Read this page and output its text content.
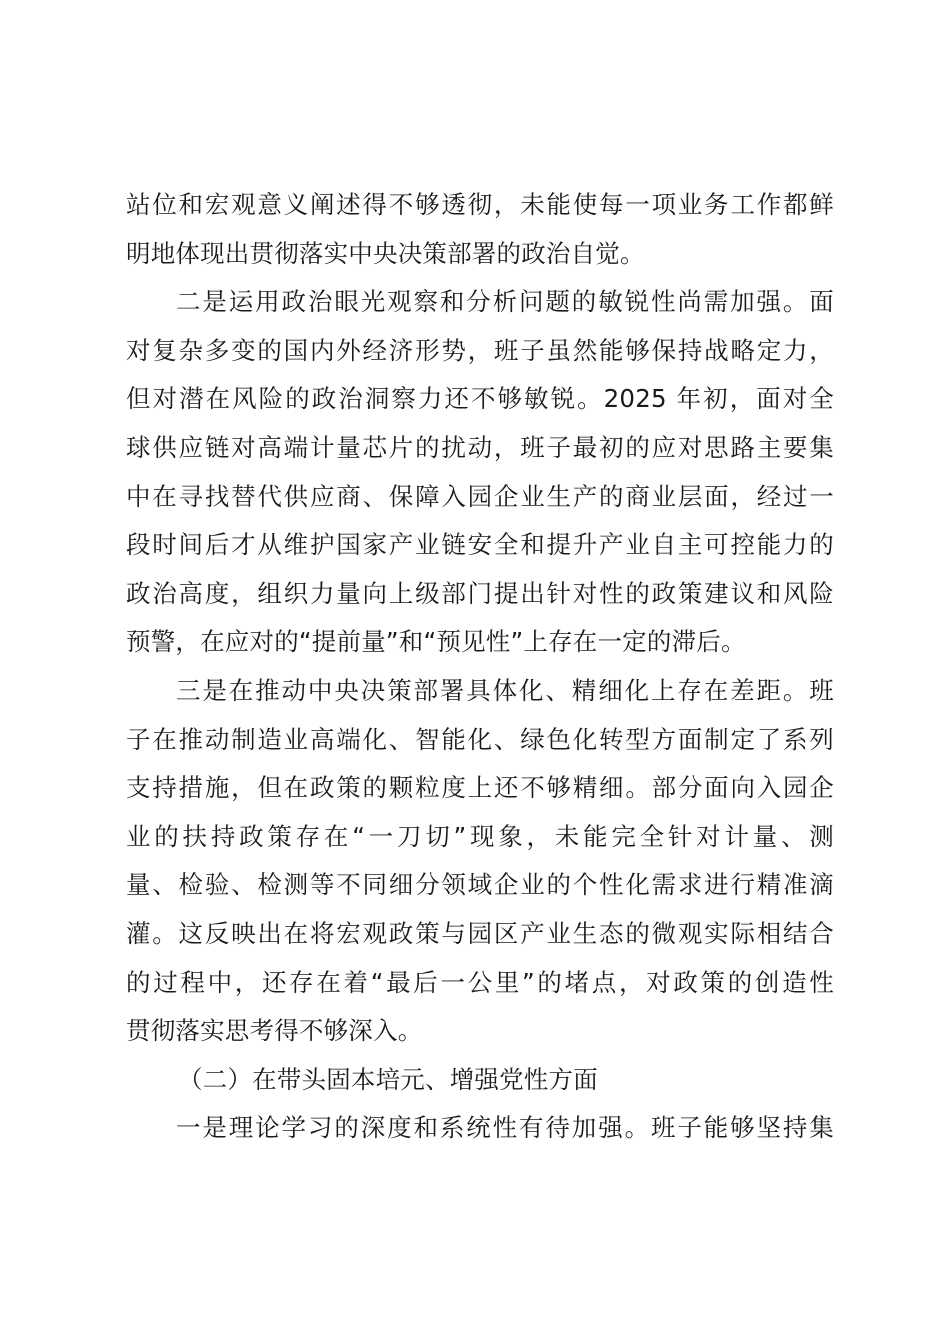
站位和宏观意义阐述得不够透彻，未能使每一项业务工作都鲜
明地体现出贯彻落实中央决策部署的政治自觉。
二是运用政治眼光观察和分析问题的敏锐性尚需加强。面
对复杂多变的国内外经济形势，班子虽然能够保持战略定力，
但对潜在风险的政治洞察力还不够敏锐。2025 年初，面对全
球供应链对高端计量芯片的扰动，班子最初的应对思路主要集
中在寻找替代供应商、保障入园企业生产的商业层面，经过一
段时间后才从维护国家产业链安全和提升产业自主可控能力的
政治高度，组织力量向上级部门提出针对性的政策建议和风险
预警，在应对的“提前量”和“预见性”上存在一定的滞后。
三是在推动中央决策部署具体化、精细化上存在差距。班
子在推动制造业高端化、智能化、绿色化转型方面制定了系列
支持措施，但在政策的颗粒度上还不够精细。部分面向入园企
业的扶持政策存在“一刀切”现象，未能完全针对计量、测
量、检验、检测等不同细分领域企业的个性化需求进行精准滴
灌。这反映出在将宏观政策与园区产业生态的微观实际相结合
的过程中，还存在着“最后一公里”的堵点，对政策的创造性
贯彻落实思考得不够深入。
（二）在带头固本培元、增强党性方面
一是理论学习的深度和系统性有待加强。班子能够坚持集
